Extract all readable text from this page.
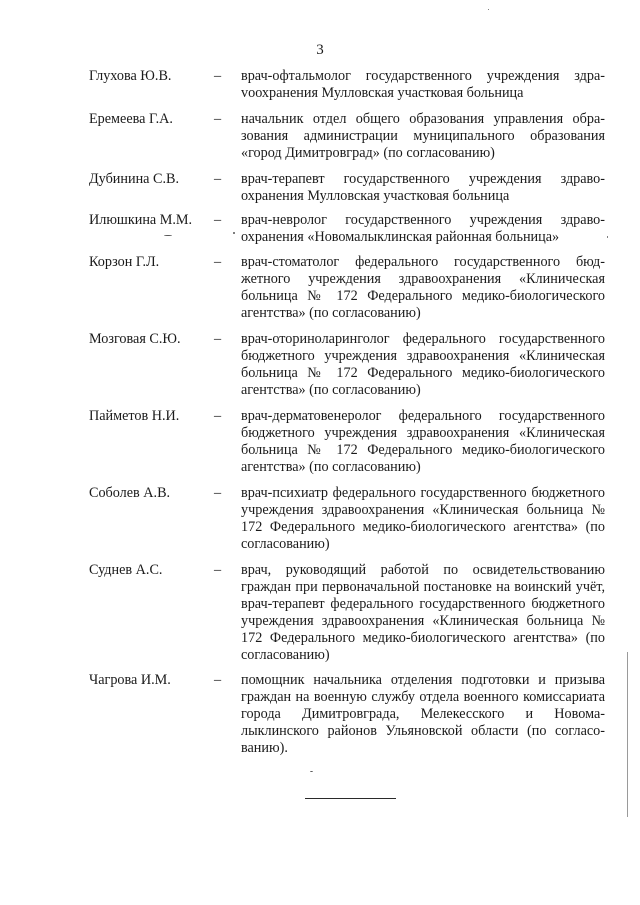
3
Глухова Ю.В.	– врач-офтальмолог государственного учреждения здраvоохранения Мулловская участковая больница
Еремеева Г.А.	– начальник отдел общего образования управления образования администрации муниципального образования «город Димитровград» (по согласованию)
Дубинина С.В. – врач-терапевт государственного учреждения здравоохранения Мулловская участковая больница
Илюшкина М.М. – врач-невролог государственного учреждения здравоохранения «Новомалыклинская районная больница»
Корзон Г.Л.	– врач-стоматолог федерального государственного бюджетного учреждения здравоохранения «Клиническая больница № 172 Федерального медико-биологического агентства» (по согласованию)
Мозговая С.Ю. – врач-оториноларинголог федерального государственного бюджетного учреждения здравоохранения «Клиническая больница № 172 Федерального медико-биологического агентства» (по согласованию)
Пайметов Н.И. – врач-дерматовенеролог федерального государственного бюджетного учреждения здравоохранения «Клиническая больница № 172 Федерального медико-биологического агентства» (по согласованию)
Соболев А.В.	– врач-психиатр федерального государственного бюджетного учреждения здравоохранения «Клиническая больница № 172 Федерального медико-биологического агентства» (по согласованию)
Суднев А.С.	– врач, руководящий работой по освидетельствованию граждан при первоначальной постановке на воинский учёт, врач-терапевт федерального государственного бюджетного учреждения здравоохранения «Клиническая больница № 172 Федерального медико-биологического агентства» (по согласованию)
Чагрова И.М.	– помощник начальника отделения подготовки и призыва граждан на военную службу отдела военного комиссариата города Димитровграда, Мелекесского и Новомалыклинского районов Ульяновской области (по согласованию).
